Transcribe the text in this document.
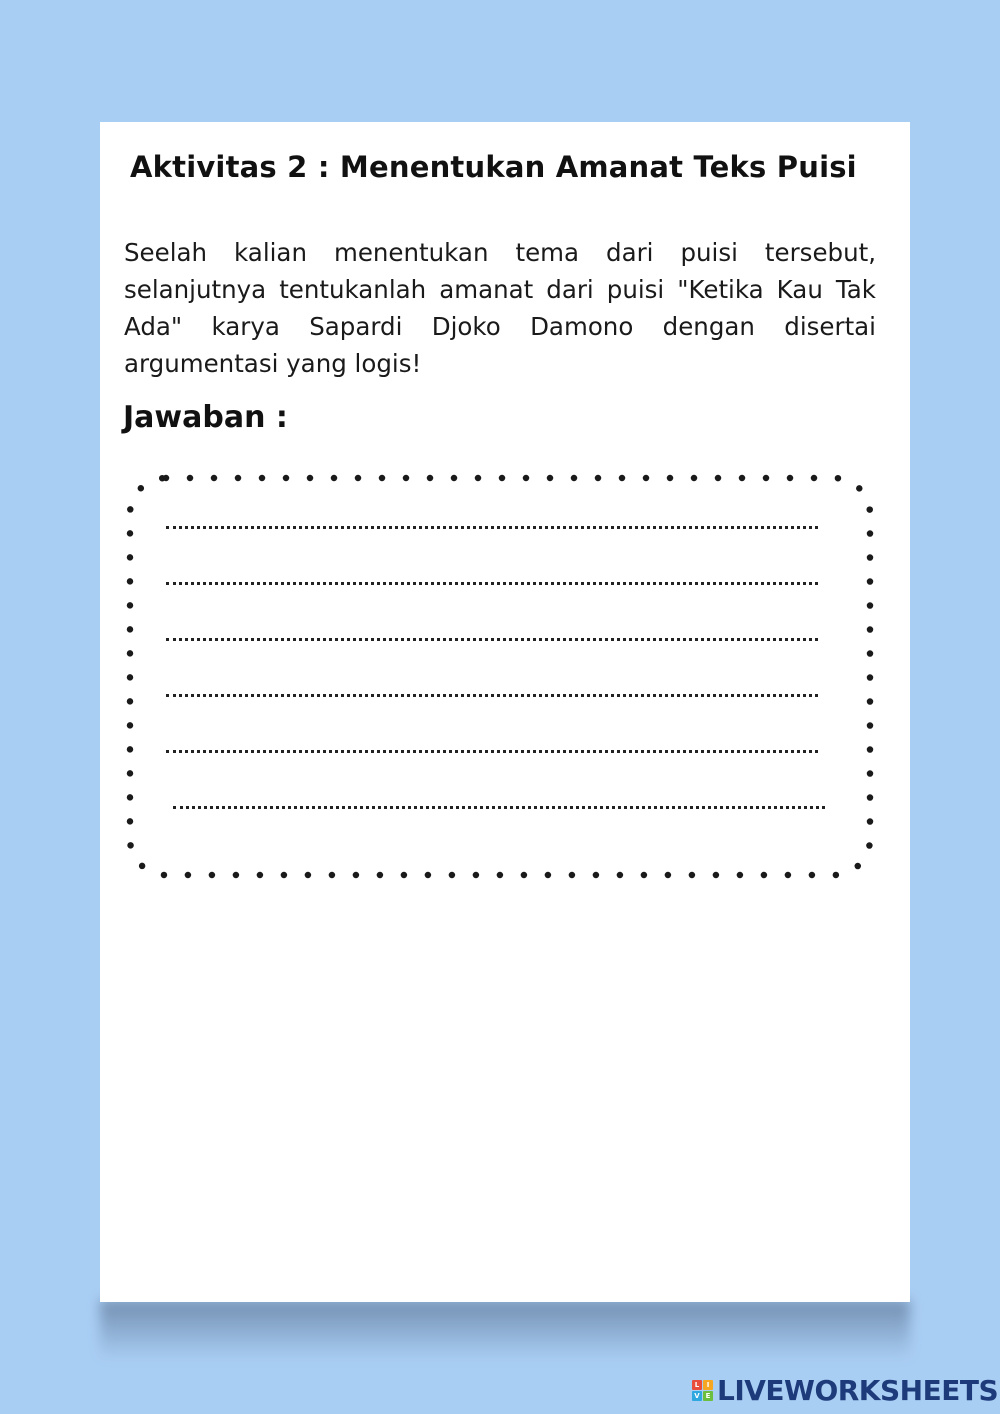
Aktivitas 2 : Menentukan Amanat Teks Puisi

Seelah kalian menentukan tema dari puisi tersebut, selanjutnya tentukanlah amanat dari puisi "Ketika Kau Tak Ada" karya Sapardi Djoko Damono dengan disertai argumentasi yang logis!

Jawaban :
L	I
V E LIVEWORKSHEETS
